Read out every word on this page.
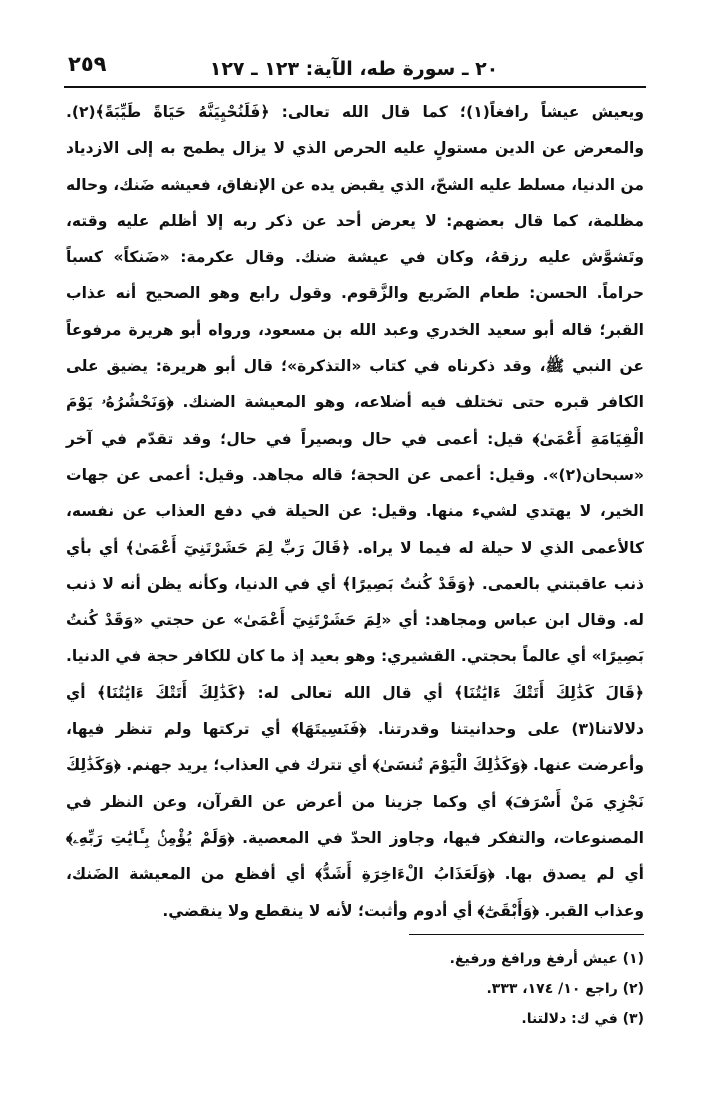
٢٠ ـ سورة طه، الآية: ١٢٣ ـ ١٢٧
٢٥٩

ويعيش عيشاً رافغاً(١)؛ كما قال الله تعالى: ﴿فَلَنُحْيِيَنَّهُ حَيَاةً طَيِّبَةً﴾(٢). والمعرض عن الدين مستولٍ عليه الحرص الذي لا يزال يطمح به إلى الازدياد من الدنيا، مسلط عليه الشحّ، الذي يقبض يده عن الإنفاق، فعيشه ضَنك، وحاله مظلمة، كما قال بعضهم: لا يعرض أحد عن ذكر ربه إلا أظلم عليه وقته، وتَشوَّش عليه رزقهُ، وكان في عيشة ضنك. وقال عكرمة: «ضَنكاً» كسباً حراماً. الحسن: طعام الضَريع والزَّقوم. وقول رابع وهو الصحيح أنه عذاب القبر؛ قاله أبو سعيد الخدري وعبد الله بن مسعود، ورواه أبو هريرة مرفوعاً عن النبي ﷺ، وقد ذكرناه في كتاب «التذكرة»؛ قال أبو هريرة: يضيق على الكافر قبره حتى تختلف فيه أضلاعه، وهو المعيشة الضنك. ﴿وَنَحْشُرُهُۥ يَوْمَ الْقِيَامَةِ أَعْمَىٰ﴾ قيل: أعمى في حال وبصيراً في حال؛ وقد تقدّم في آخر «سبحان(٢)». وقيل: أعمى عن الحجة؛ قاله مجاهد. وقيل: أعمى عن جهات الخير، لا يهتدي لشيء منها. وقيل: عن الحيلة في دفع العذاب عن نفسه، كالأعمى الذي لا حيلة له فيما لا يراه. ﴿قَالَ رَبِّ لِمَ حَشَرْتَنِيٓ أَعْمَىٰ﴾ أي بأي ذنب عاقبتني بالعمى. ﴿وَقَدْ كُنتُ بَصِيرًا﴾ أي في الدنيا، وكأنه يظن أنه لا ذنب له. وقال ابن عباس ومجاهد: أي «لِمَ حَشَرْتَنِيٓ أَعْمَىٰ» عن حجتي «وَقَدْ كُنتُ بَصِيرًا» أي عالماً بحجتي. القشيري: وهو بعيد إذ ما كان للكافر حجة في الدنيا. ﴿قَالَ كَذَٰلِكَ أَتَتْكَ ءَايَٰتُنَا﴾ أي قال الله تعالى له: ﴿كَذَٰلِكَ أَتَتْكَ ءَايَٰتُنَا﴾ أي دلالاتنا(٣) على وحدانيتنا وقدرتنا. ﴿فَنَسِيتَهَا﴾ أي تركتها ولم تنظر فيها، وأعرضت عنها. ﴿وَكَذَٰلِكَ الْيَوْمَ تُنسَىٰ﴾ أي تترك في العذاب؛ يريد جهنم. ﴿وَكَذَٰلِكَ نَجْزِي مَنْ أَسْرَفَ﴾ أي وكما جزينا من أعرض عن القرآن، وعن النظر في المصنوعات، والتفكر فيها، وجاوز الحدّ في المعصية. ﴿وَلَمْ يُؤْمِنۢ بِـَٔايَٰتِ رَبِّهِۦ﴾ أي لم يصدق بها. ﴿وَلَعَذَابُ الْءَاخِرَةِ أَشَدُّ﴾ أي أفظع من المعيشة الضَنك، وعذاب القبر. ﴿وَأَبْقَىٰٓ﴾ أي أدوم وأثبت؛ لأنه لا ينقطع ولا ينقضي.

(١) عيش أرفغ ورافغ ورفيغ.
(٢) راجع ١٠/ ١٧٤، ٣٣٣.
(٣) في ك: دلالتنا.
